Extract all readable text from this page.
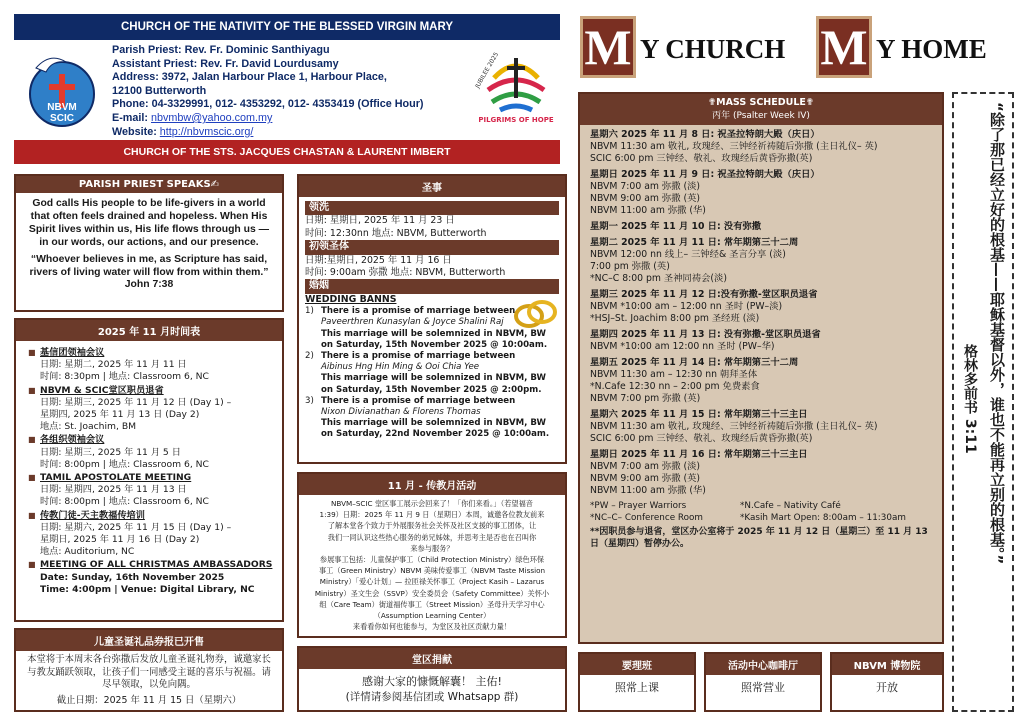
CHURCH OF THE NATIVITY OF THE BLESSED VIRGIN MARY
NBVM SCIC
Parish Priest: Rev. Fr. Dominic Santhiyagu
Assistant Priest: Rev. Fr. David Lourdusamy
Address: 3972, Jalan Harbour Place 1, Harbour Place,
12100 Butterworth
Phone: 04-3329991, 012- 4353292, 012- 4353419 (Office Hour)
E-mail: nbvmbw@yahoo.com.my
Website: http://nbvmscic.org/
JUBILEE 2025
PILGRIMS OF HOPE
CHURCH OF THE STS. JACQUES CHASTAN & LAURENT IMBERT
M Y CHURCH M Y HOME
PARISH PRIEST SPEAKS✍
God calls His people to be life-givers in a world that often feels drained and hopeless. When His Spirit lives within us, His life flows through us — in our words, our actions, and our presence.
“Whoever believes in me, as Scripture has said, rivers of living water will flow from within them.”
John 7:38
2025 年 11 月时间表
■ 基信团领袖会议
日期: 星期二, 2025 年 11 月 11 日
时间: 8:30pm | 地点: Classroom 6, NC
■ NBVM & SCIC堂区职员退省
日期: 星期三, 2025 年 11 月 12 日 (Day 1) –
星期四, 2025 年 11 月 13 日 (Day 2)
地点: St. Joachim, BM
■ 各组织领袖会议
日期: 星期三, 2025 年 11 月 5 日
时间: 8:00pm | 地点: Classroom 6, NC
■ TAMIL APOSTOLATE MEETING
日期: 星期四, 2025 年 11 月 13 日
时间: 8:00pm | 地点: Classroom 6, NC
■ 传教门徒-天主教福传培训
日期: 星期六, 2025 年 11 月 15 日 (Day 1) –
星期日, 2025 年 11 月 16 日 (Day 2)
地点: Auditorium, NC
■ MEETING OF ALL CHRISTMAS AMBASSADORS
Date: Sunday, 16th November 2025
Time: 4:00pm | Venue: Digital Library, NC
儿童圣诞礼品券报已开售
本堂将于本周末各台弥撒后发放儿童圣诞礼物券，诚邀家长与教友踊跃领取，让孩子们一同感受主诞的喜乐与祝福。请尽早领取，以免向隅。
截止日期：2025 年 11 月 15 日（星期六）
圣事
领洗
日期: 星期日, 2025 年 11 月 23 日
时间: 12:30nn 地点: NBVM, Butterworth
初领圣体
日期:星期日, 2025 年 11 月 16 日
时间: 9:00am 弥撒 地点: NBVM, Butterworth
婚姻
WEDDING BANNS
1) There is a promise of marriage between
Paveerthren Kunasylan & Joyce Shalini Raj
This marriage will be solemnized in NBVM, BW
on Saturday, 15th November 2025 @ 10:00am.
2) There is a promise of marriage between
Aibinus Hng Hin Ming & Ooi Chia Yee
This marriage will be solemnized in NBVM, BW
on Saturday, 15th November 2025 @ 2:00pm.
3) There is a promise of marriage between
Nixon Divianathan & Florens Thomas
This marriage will be solemnized in NBVM, BW
on Saturday, 22nd November 2025 @ 10:00am.
11 月 - 传教月活动
NBVM–SCIC 堂区事工展示会回来了！「你们来看。」（若望福音
1:39）日期：2025 年 11 月 9 日（星期日）本周，诚邀各位教友前来
了解本堂各个致力于外展服务社会关怀及社区支援的事工团体，让
我们一同认识这些热心服务的弟兄姊妹，并思考主是否也在召叫你
来参与服务？
参展事工包括：儿童保护事工（Child Protection Ministry）绿色环保
事工（Green Ministry）NBVM 美味传爱事工（NBVM Taste Mission
Ministry）「爱心计划」— 拉匝禄关怀事工（Project Kasih – Lazarus
Ministry）圣文生会（SSVP）安全委员会（Safety Committee）关怀小
组（Care Team）街道福传事工（Street Mission）圣母升天学习中心
（Assumption Learning Center）
来看看你如何也能参与，为堂区及社区贡献力量！
堂区捐献
感谢大家的慷慨解囊！ 主佑!
(详情请参阅基信团或 Whatsapp 群)
✟MASS SCHEDULE✟
丙年 (Psalter Week IV)
星期六 2025 年 11 月 8 日: 祝圣拉特朗大殿（庆日）
NBVM 11:30 am 敬礼, 玫瑰经、三钟经祈祷随后弥撒 (主日礼仪– 英)
SCIC 6:00 pm 三钟经、敬礼、玫瑰经后黄昏弥撒(英)
星期日 2025 年 11 月 9 日: 祝圣拉特朗大殿（庆日）
NBVM 7:00 am 弥撒 (淡)
NBVM 9:00 am 弥撒 (英)
NBVM 11:00 am 弥撒 (华)
星期一 2025 年 11 月 10 日: 没有弥撒
星期二 2025 年 11 月 11 日: 常年期第三十二周
NBVM 12:00 nn 线上– 三钟经& 圣言分享 (淡)
7:00 pm 弥撒 (英)
*NC–C 8:00 pm 圣神同祷会(淡)
星期三 2025 年 11 月 12 日:没有弥撒-堂区职员退省
NBVM *10:00 am – 12:00 nn 圣时 (PW–淡)
*HSJ–St. Joachim 8:00 pm 圣经班 (淡)
星期四 2025 年 11 月 13 日: 没有弥撒-堂区职员退省
NBVM *10:00 am 12:00 nn 圣时 (PW–华)
星期五 2025 年 11 月 14 日: 常年期第三十二周
NBVM 11:30 am – 12:30 nn 朝拜圣体
*N.Cafe 12:30 nn – 2:00 pm 免费素食
NBVM 7:00 pm 弥撒 (英)
星期六 2025 年 11 月 15 日: 常年期第三十三主日
NBVM 11:30 am 敬礼, 玫瑰经、三钟经祈祷随后弥撒 (主日礼仪– 英)
SCIC 6:00 pm 三钟经、敬礼、玫瑰经后黄昏弥撒(英)
星期日 2025 年 11 月 16 日: 常年期第三十三主日
NBVM 7:00 am 弥撒 (淡)
NBVM 9:00 am 弥撒 (英)
NBVM 11:00 am 弥撒 (华)
*PW – Prayer Warriors	*N.Cafe – Nativity Café
*NC–C– Conference Room	*Kasih Mart Open: 8:00am – 11:30am
**因职员参与退省，堂区办公室将于 2025 年 11 月 12 日（星期三）至 11 月 13 日（星期四）暂停办公。
要理班
照常上课
活动中心咖啡厅
照常营业
NBVM 博物院
开放
“除了那已经立好的根基——耶稣基督以外，谁也不能再立别的根基。”
格林多前书 3:11
